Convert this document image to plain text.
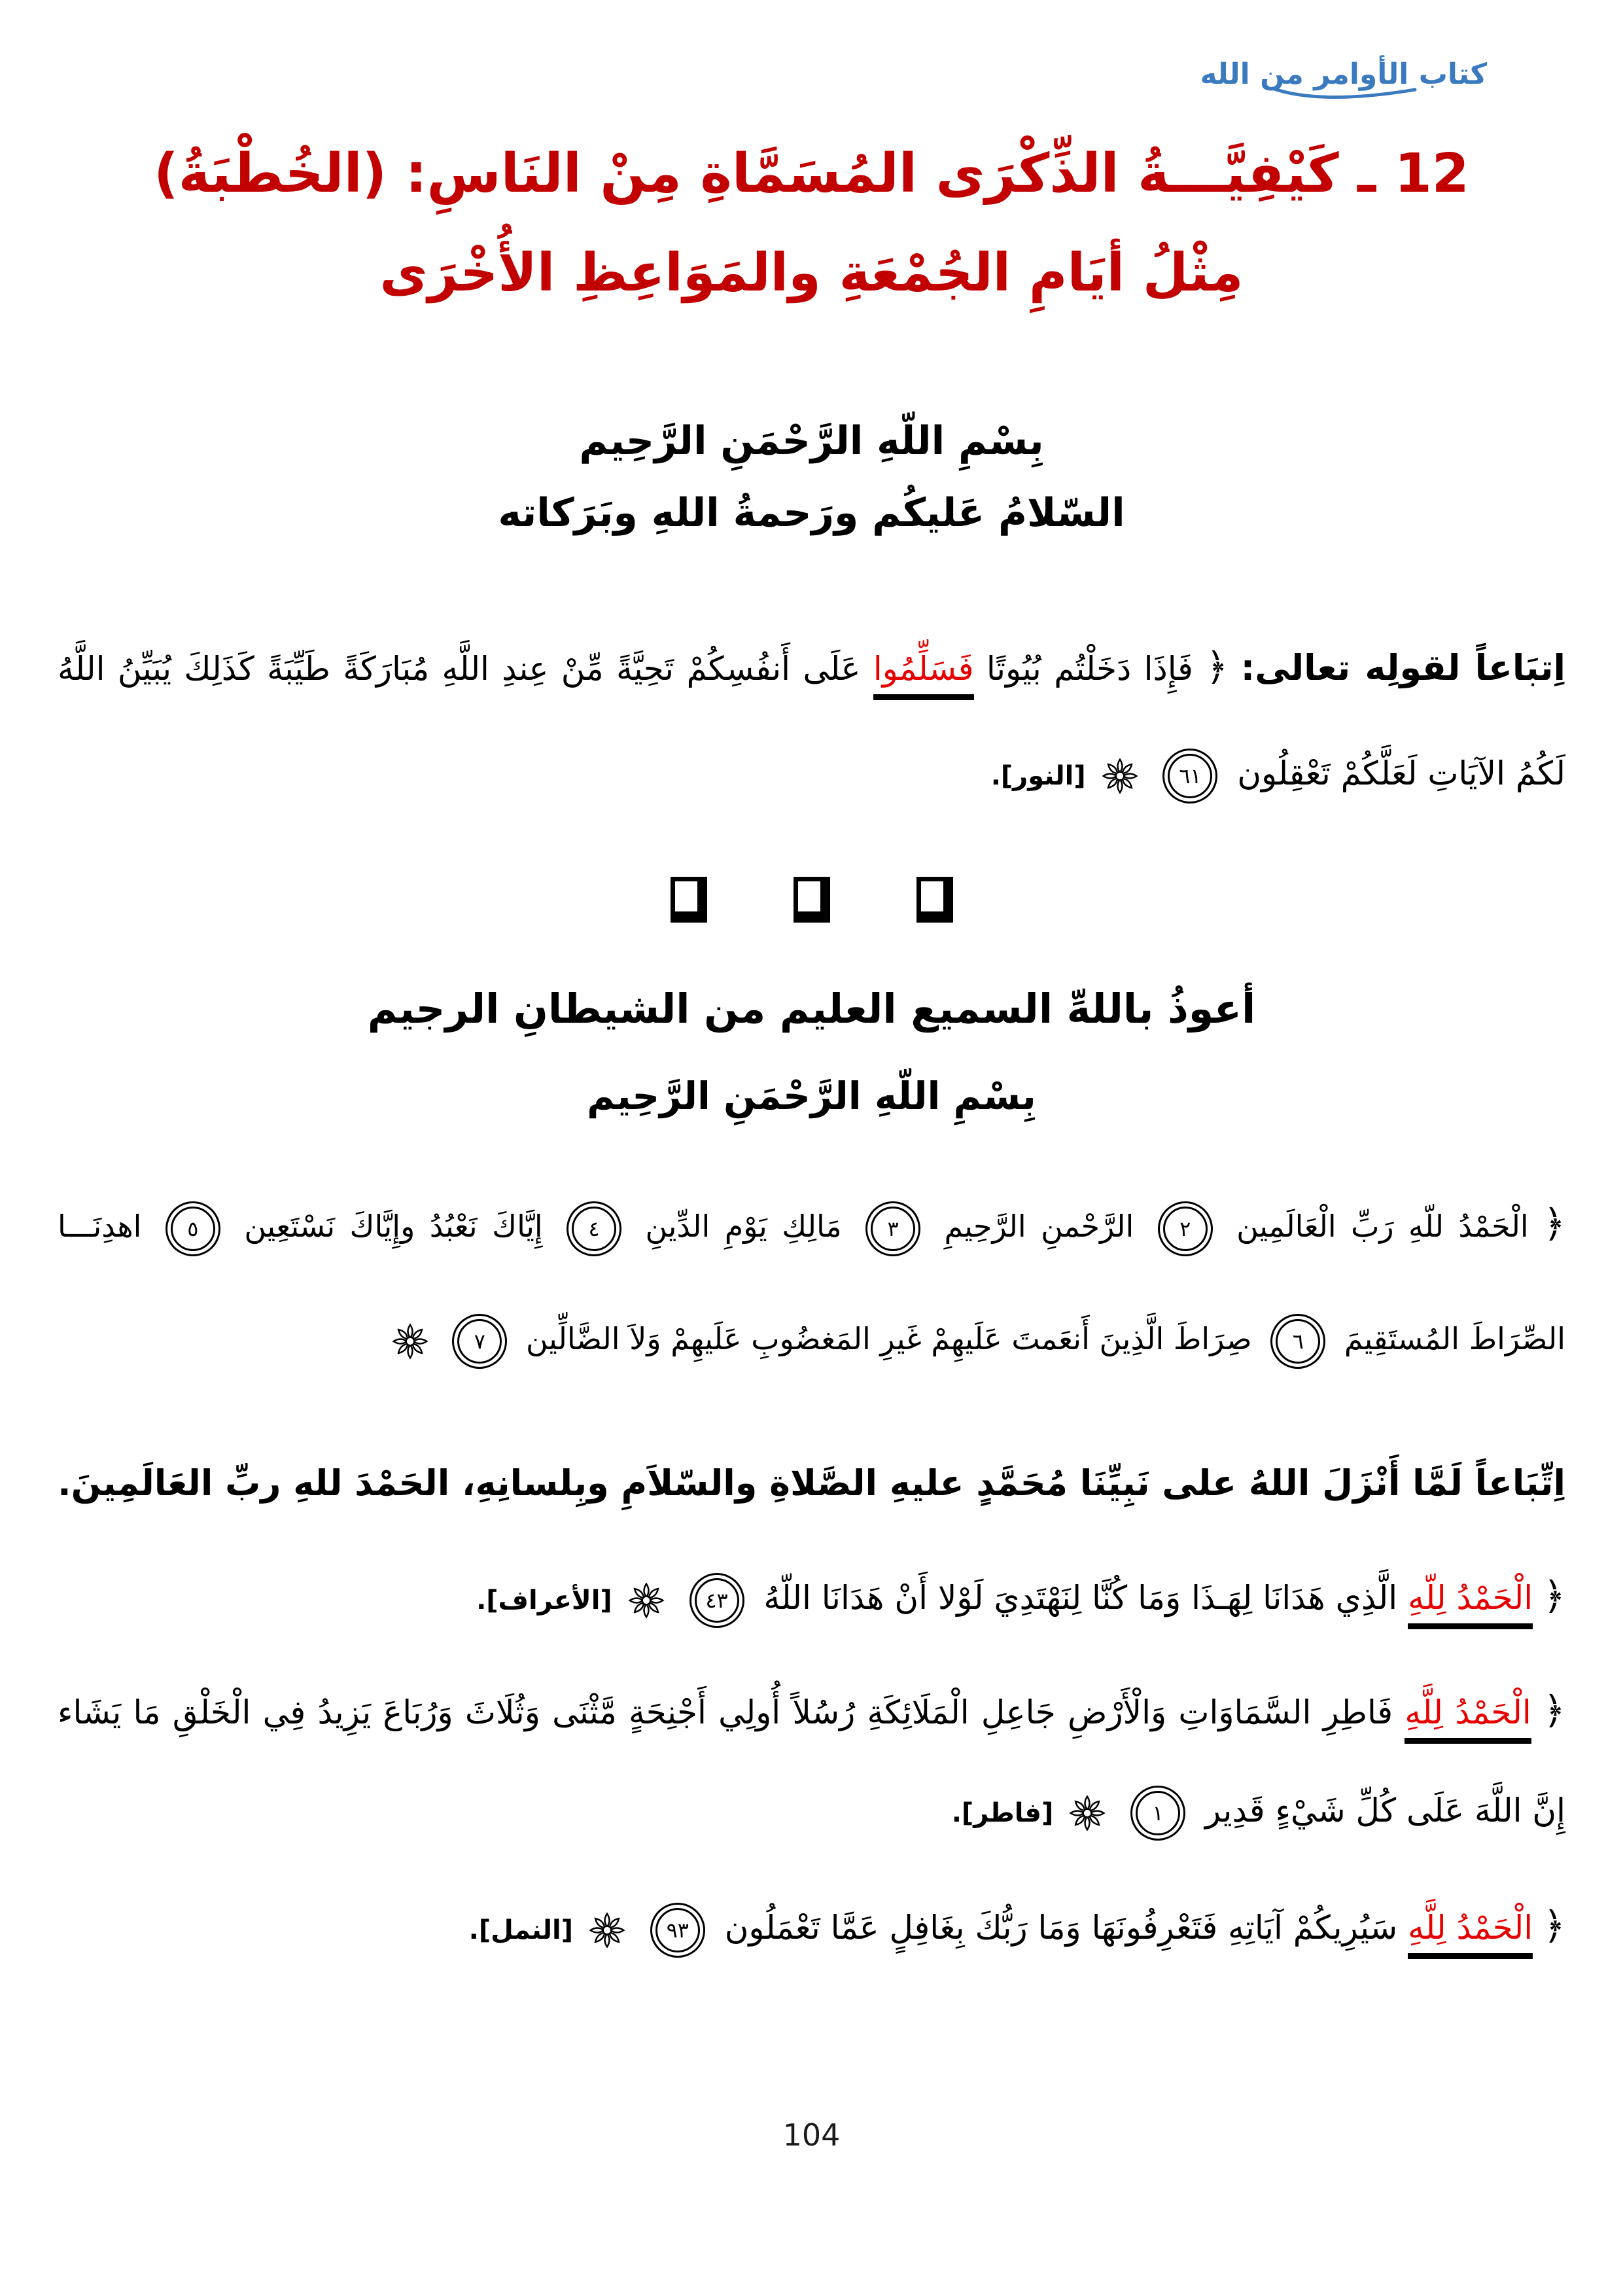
كتاب الأوامر من الله
12 ـ كَيْفِيَّـــةُ الذِّكْرَى المُسَمَّاةِ مِنْ النَاسِ: (الخُطْبَةُ)
مِثْلُ أيَامِ الجُمْعَةِ والمَوَاعِظِ الأُخْرَى

بِسْمِ اللّهِ الرَّحْمَنِ الرَّحِيم

السّلامُ عَليكُم ورَحمةُ اللهِ وبَرَكاته

اِتبَاعاً لقولِه تعالى: ﴿ فَإِذَا دَخَلْتُم بُيُوتًا فَسَلِّمُوا عَلَى أَنفُسِكُمْ تَحِيَّةً مِّنْ عِندِ اللَّهِ مُبَارَكَةً طَيِّبَةً كَذَلِكَ يُبَيِّنُ اللَّهُ لَكُمُ الآيَاتِ لَعَلَّكُمْ تَعْقِلُون
٦١
[النور].

أعوذُ باللهِّ السميع العليم من الشيطانِ الرجيم

بِسْمِ اللّهِ الرَّحْمَنِ الرَّحِيم

﴿ الْحَمْدُ للّهِ رَبِّ الْعَالَمِين
٢
الرَّحْمنِ الرَّحِيمِ
٣
مَالِكِ يَوْمِ الدِّينِ
٤
إِيَّاكَ نَعْبُدُ وإِيَّاكَ نَسْتَعِين
٥
اهدِنَـــا الصِّرَاطَ المُستَقِيمَ
٦
صِرَاطَ الَّذِينَ أَنعَمتَ عَلَيهِمْ غَيرِ المَغضُوبِ عَلَيهِمْ وَلاَ الضَّالِّين
٧

اِتِّبَاعاً لَمَّا أَنْزَلَ اللهُ على نَبِيِّنَا مُحَمَّدٍ عليهِ الصَّلاةِ والسّلاَمِ وبِلسانِهِ، الحَمْدَ للهِ ربِّ العَالَمِينَ.

﴿ الْحَمْدُ لِلّهِ الَّذِي هَدَانَا لِهَـذَا وَمَا كُنَّا لِنَهْتَدِيَ لَوْلا أَنْ هَدَانَا اللّهُ
٤٣
[الأعراف].

﴿ الْحَمْدُ لِلَّهِ فَاطِرِ السَّمَاوَاتِ وَالْأَرْضِ جَاعِلِ الْمَلَائِكَةِ رُسُلاً أُولِي أَجْنِحَةٍ مَّثْنَى وَثُلَاثَ وَرُبَاعَ يَزِيدُ فِي الْخَلْقِ مَا يَشَاء إِنَّ اللَّهَ عَلَى كُلِّ شَيْءٍ قَدِير
١
[فاطر].

﴿ الْحَمْدُ لِلَّهِ سَيُرِيكُمْ آيَاتِهِ فَتَعْرِفُونَهَا وَمَا رَبُّكَ بِغَافِلٍ عَمَّا تَعْمَلُون
٩٣
[النمل].

104
